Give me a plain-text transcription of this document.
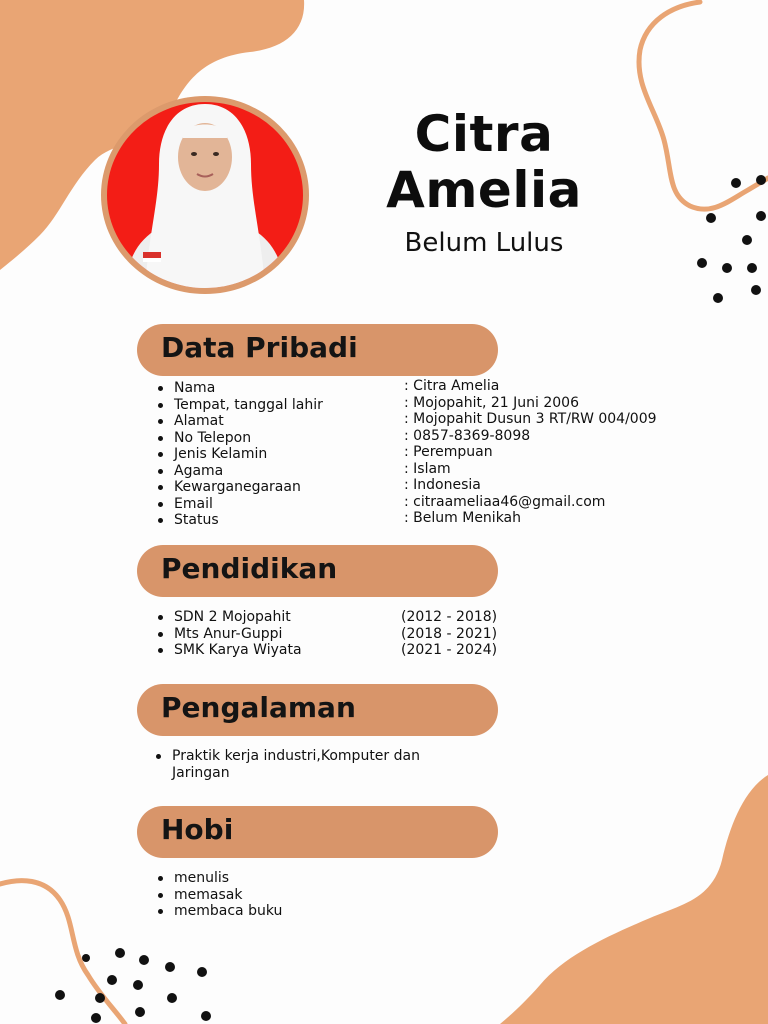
Citra
Amelia
Belum Lulus
Data Pribadi
Nama
Tempat, tanggal lahir
Alamat
No Telepon
Jenis Kelamin
Agama
Kewarganegaraan
Email
Status
: Citra Amelia
: Mojopahit, 21 Juni 2006
: Mojopahit Dusun 3 RT/RW 004/009
: 0857-8369-8098
: Perempuan
: Islam
: Indonesia
: citraameliaa46@gmail.com
: Belum Menikah
Pendidikan
SDN 2 Mojopahit
Mts Anur-Guppi
SMK Karya Wiyata
(2012 - 2018)
(2018 - 2021)
(2021 - 2024)
Pengalaman
Praktik kerja industri,Komputer dan
Jaringan
Hobi
menulis
memasak
membaca buku
